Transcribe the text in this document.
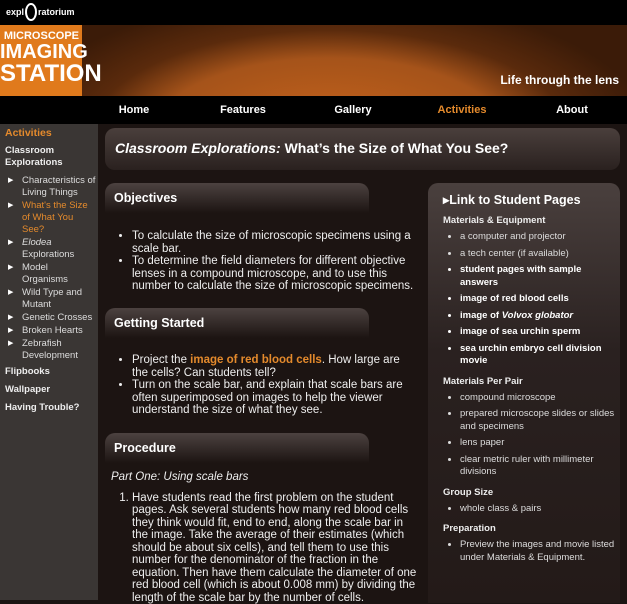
expl ratorium
MICROSCOPE
IMAGING
STATION	Life through the lens
Home	Features	Gallery	Activities	About
Activities
Classroom Explorations
▶ Characteristics of Living Things
▶ What's the Size of What You See?
▶ Elodea
Explorations
▶ Model Organisms
▶ Wild Type and Mutant
▶ Genetic Crosses
▶ Broken Hearts
▶ Zebrafish Development
Flipbooks
Wallpaper
Having Trouble?
Classroom Explorations: What’s the Size of What You See?
Objectives
• To calculate the size of microscopic specimens using a scale bar.
• To determine the field diameters for different objective lenses in a compound microscope, and to use this number to calculate the size of microscopic specimens.
Getting Started
• Project the image of red blood cells. How large are the cells? Can students tell?
• Turn on the scale bar, and explain that scale bars are often superimposed on images to help the viewer understand the size of what they see.
Procedure
Part One: Using scale bars
1. Have students read the first problem on the student pages. Ask several students how many red blood cells they think would fit, end to end, along the scale bar in the image. Take the average of their estimates (which should be about six cells), and tell them to use this number for the denominator of the fraction in the equation. Then have them calculate the diameter of one red blood cell (which is about 0.008 mm) by dividing the length of the scale bar by the number of cells.
▸Link to Student Pages
Materials & Equipment
• a computer and projector
• a tech center (if available)
• student pages with sample answers
• image of red blood cells
• image of Volvox globator
• image of sea urchin sperm
• sea urchin embryo cell division movie
Materials Per Pair
• compound microscope
• prepared microscope slides or slides and specimens
• lens paper
• clear metric ruler with millimeter divisions
Group Size
• whole class & pairs
Preparation
• Preview the images and movie listed under Materials & Equipment.
